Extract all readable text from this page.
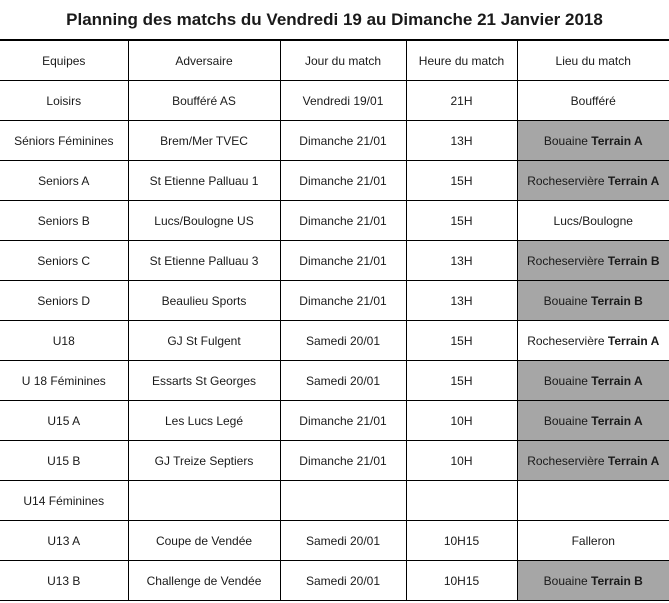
Planning des matchs du Vendredi 19 au Dimanche 21 Janvier 2018
Equipes	Adversaire	Jour du match	Heure du match	Lieu du match
Loisirs	Boufféré AS	Vendredi 19/01	21H	Boufféré
Séniors Féminines	Brem/Mer TVEC	Dimanche 21/01	13H	Bouaine Terrain A
Seniors A	St Etienne Palluau 1	Dimanche 21/01	15H	Rocheservière Terrain A
Seniors B	Lucs/Boulogne US	Dimanche 21/01	15H	Lucs/Boulogne
Seniors C	St Etienne Palluau 3	Dimanche 21/01	13H	Rocheservière Terrain B
Seniors D	Beaulieu Sports	Dimanche 21/01	13H	Bouaine Terrain B
U18	GJ St Fulgent	Samedi 20/01	15H	Rocheservière Terrain A
U 18 Féminines	Essarts St Georges	Samedi 20/01	15H	Bouaine Terrain A
U15 A	Les Lucs Legé	Dimanche 21/01	10H	Bouaine Terrain A
U15 B	GJ Treize Septiers	Dimanche 21/01	10H	Rocheservière Terrain A
U14 Féminines				
U13 A	Coupe de Vendée	Samedi 20/01	10H15	Falleron
U13 B	Challenge de Vendée	Samedi 20/01	10H15	Bouaine Terrain B
